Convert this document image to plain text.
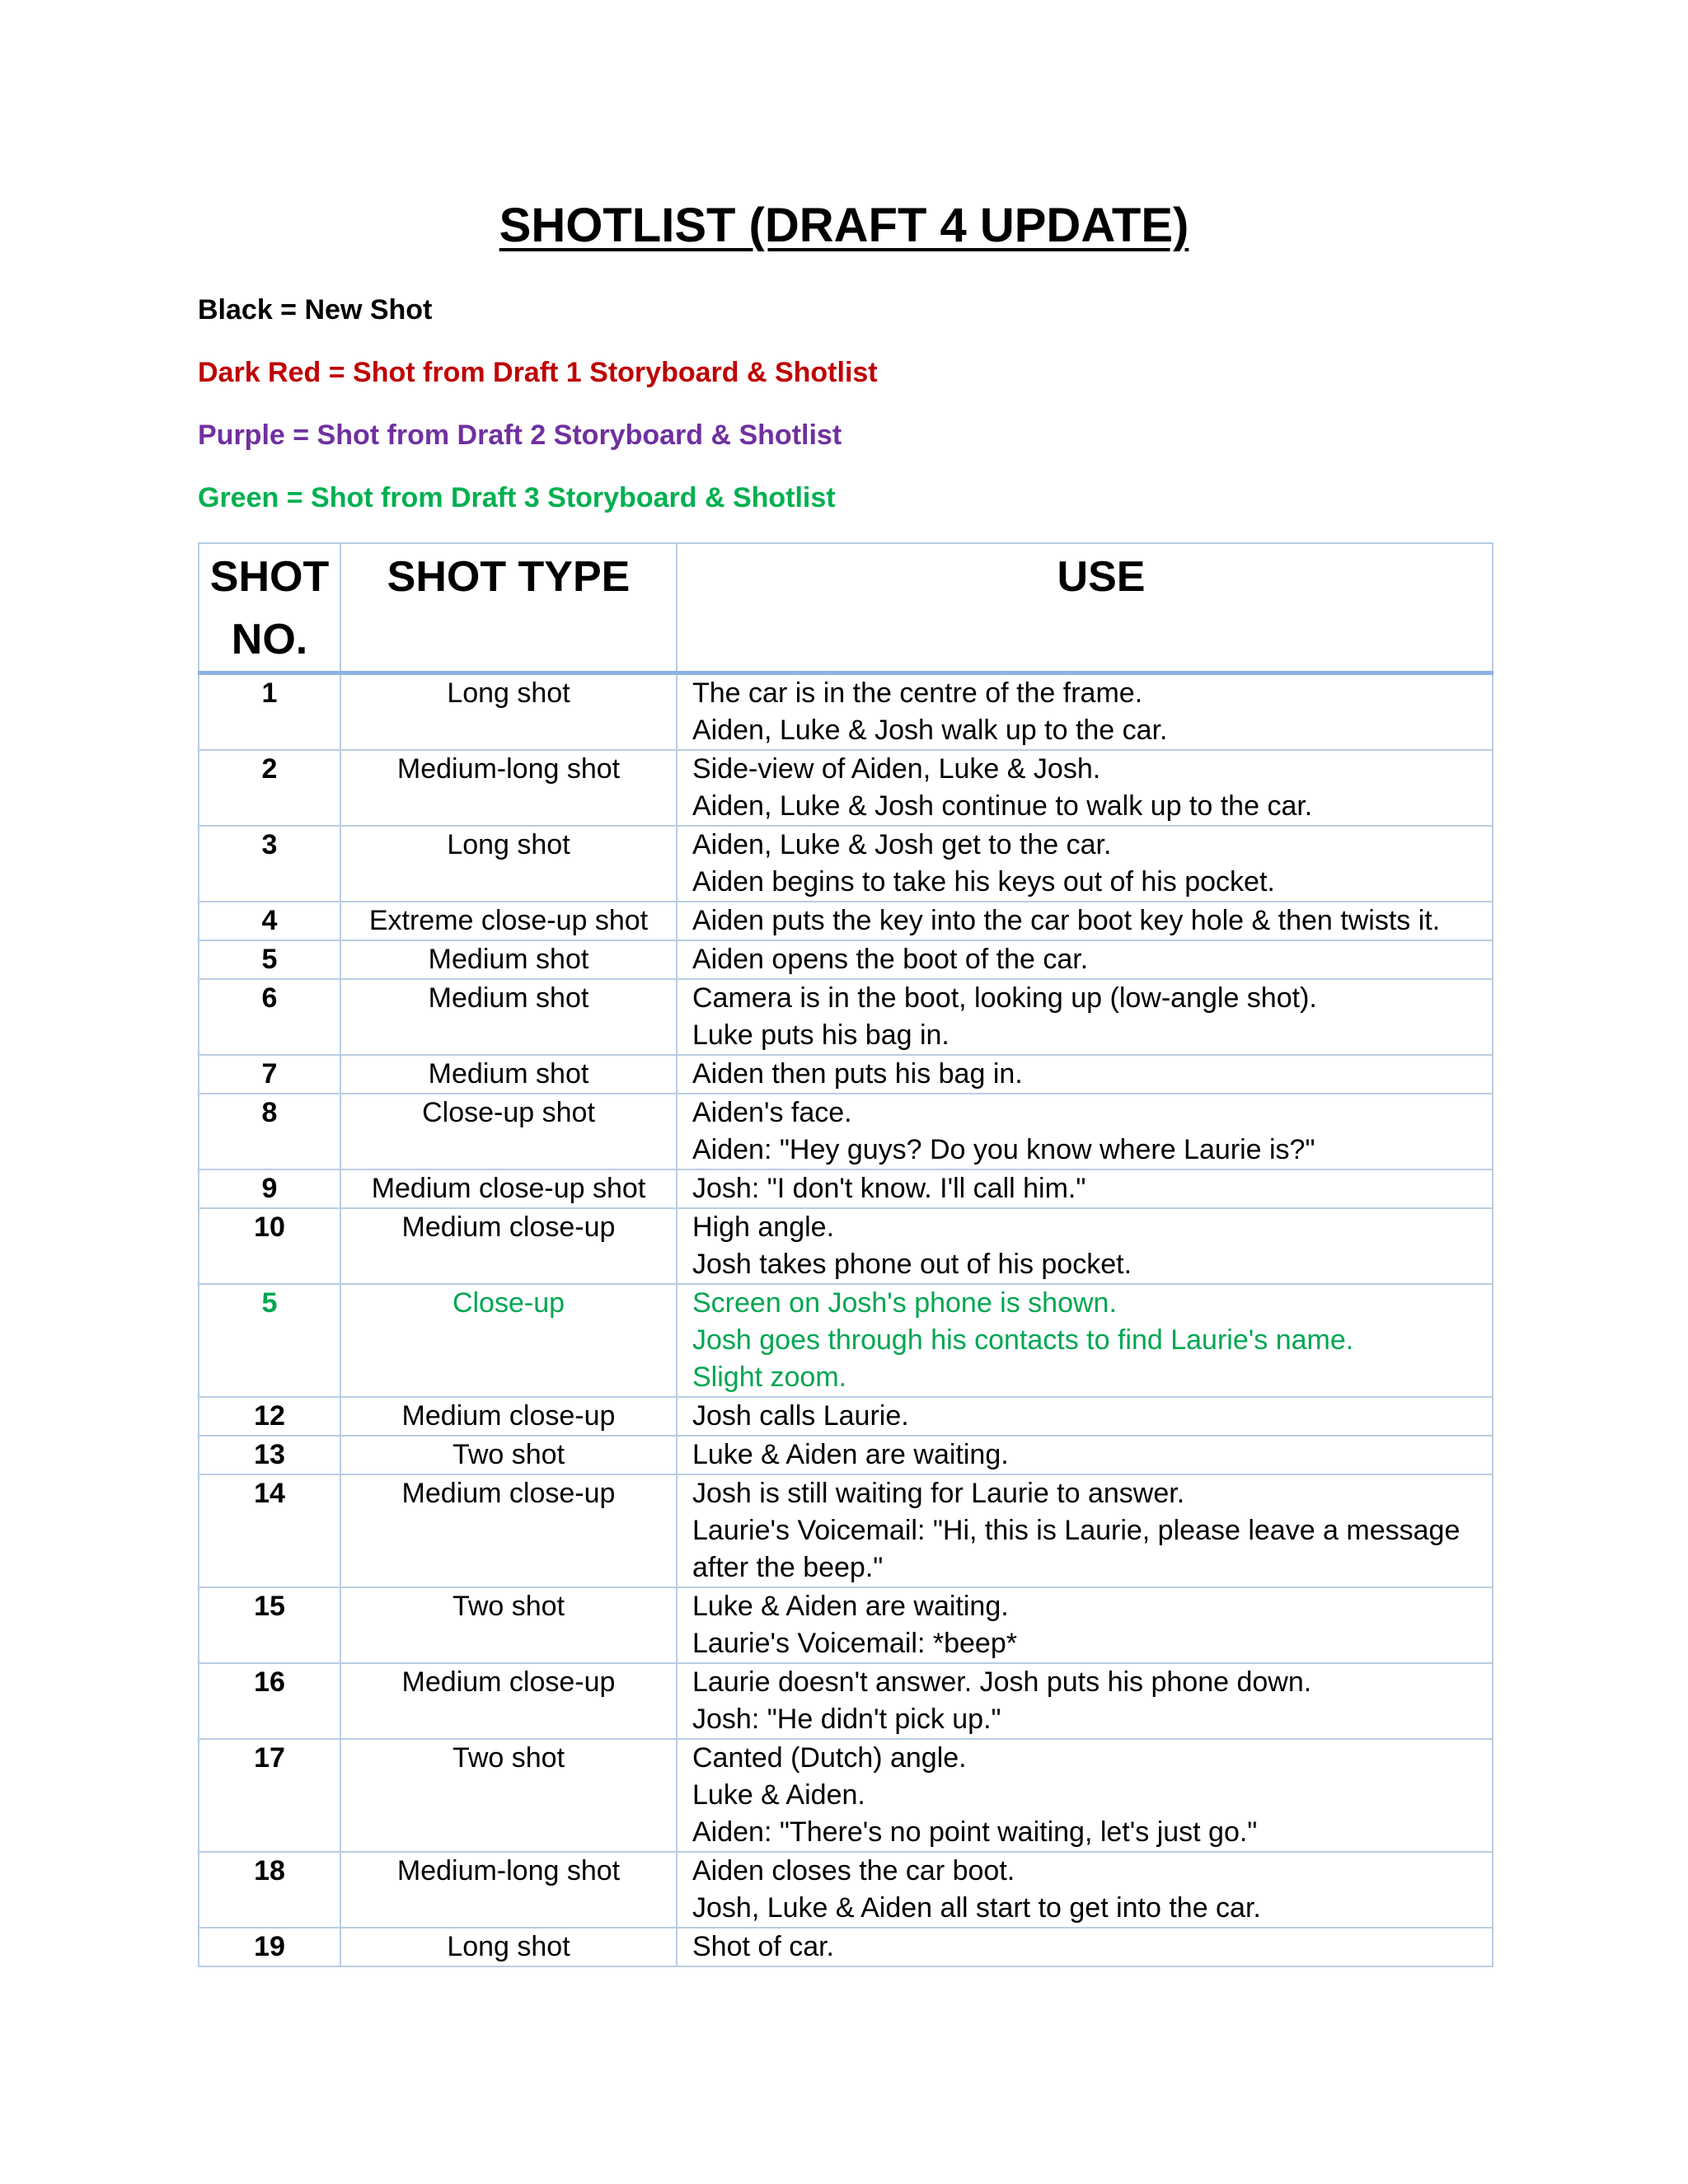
SHOTLIST (DRAFT 4 UPDATE)
Black = New Shot
Dark Red = Shot from Draft 1 Storyboard & Shotlist
Purple = Shot from Draft 2 Storyboard & Shotlist
Green = Shot from Draft 3 Storyboard & Shotlist
SHOT
NO.	SHOT TYPE	USE
1	Long shot	The car is in the centre of the frame.
Aiden, Luke & Josh walk up to the car.

2	Medium-long shot	Side-view of Aiden, Luke & Josh.
Aiden, Luke & Josh continue to walk up to the car.

3	Long shot	Aiden, Luke & Josh get to the car.
Aiden begins to take his keys out of his pocket.

4	Extreme close-up shot	Aiden puts the key into the car boot key hole & then twists it.

5	Medium shot	Aiden opens the boot of the car.

6	Medium shot	Camera is in the boot, looking up (low-angle shot).
Luke puts his bag in.

7	Medium shot	Aiden then puts his bag in.

8	Close-up shot	Aiden's face.
Aiden: "Hey guys? Do you know where Laurie is?"

9	Medium close-up shot	Josh: "I don't know. I'll call him."

10	Medium close-up	High angle.
Josh takes phone out of his pocket.

5	Close-up	Screen on Josh's phone is shown.
Josh goes through his contacts to find Laurie's name.
Slight zoom.

12	Medium close-up	Josh calls Laurie.

13	Two shot	Luke & Aiden are waiting.

14	Medium close-up	Josh is still waiting for Laurie to answer.
Laurie's Voicemail: "Hi, this is Laurie, please leave a message
after the beep."

15	Two shot	Luke & Aiden are waiting.
Laurie's Voicemail: *beep*

16	Medium close-up	Laurie doesn't answer. Josh puts his phone down.
Josh: "He didn't pick up."

17	Two shot	Canted (Dutch) angle.
Luke & Aiden.
Aiden: "There's no point waiting, let's just go."

18	Medium-long shot	Aiden closes the car boot.
Josh, Luke & Aiden all start to get into the car.

19	Long shot	Shot of car.
